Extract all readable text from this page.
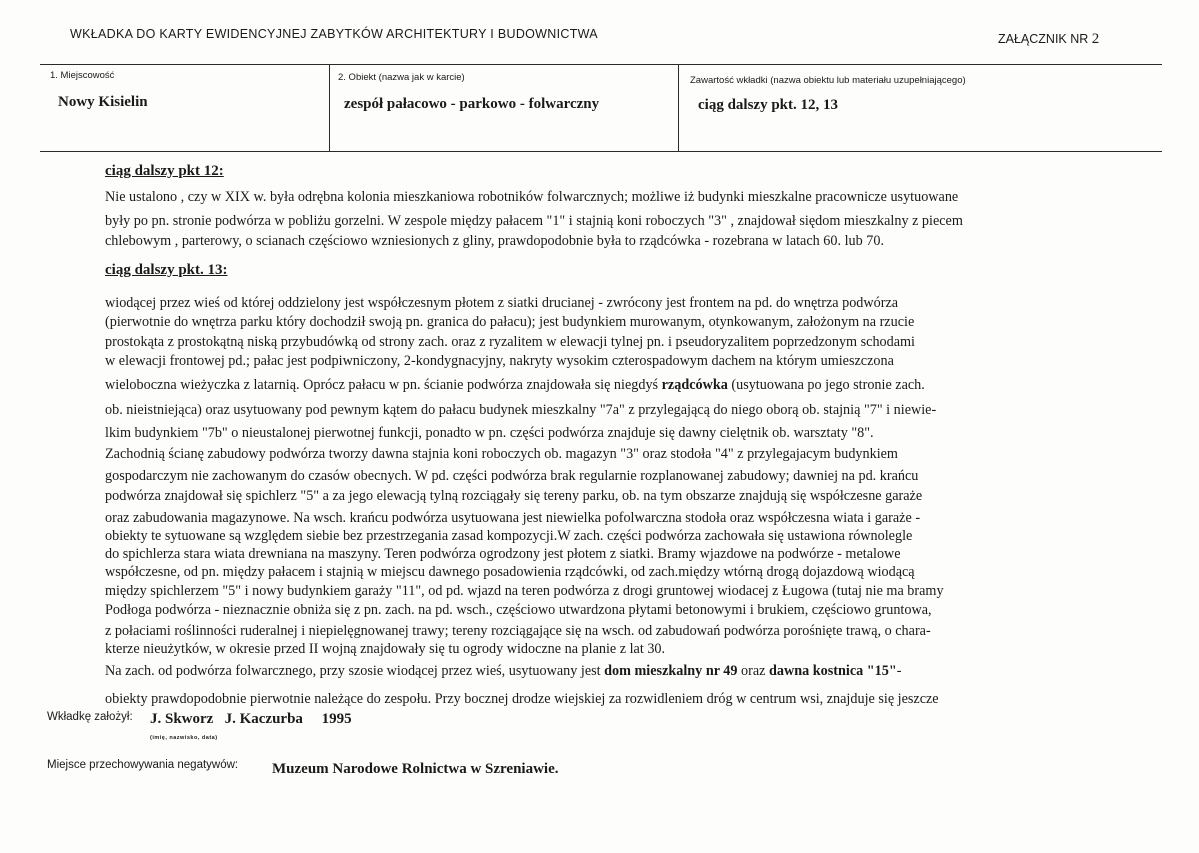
WKŁADKA DO KARTY EWIDENCYJNEJ ZABYTKÓW ARCHITEKTURY I BUDOWNICTWA	ZAŁĄCZNIK NR 2
1. Miejscowość
Nowy Kisielin
2. Obiekt (nazwa jak w karcie)
zespół pałacowo - parkowo - folwarczny
Zawartość wkładki (nazwa obiektu lub materiału uzupełniającego)
ciąg dalszy pkt. 12, 13
ciąg dalszy pkt 12:
Nie ustalono , czy w XIX w. była odrębna kolonia mieszkaniowa robotników folwarcznych; możliwe iż budynki mieszkalne pracownicze usytuowane
były po pn. stronie podwórza w pobliżu gorzelni. W zespole między pałacem "1" i stajnią koni roboczych "3" , znajdował siędom mieszkalny z piecem
chlebowym , parterowy, o scianach częściowo wzniesionych z gliny, prawdopodobnie była to rządcówka - rozebrana w latach 60. lub 70.
ciąg dalszy pkt. 13:
wiodącej przez wieś od której oddzielony jest współczesnym płotem z siatki drucianej - zwrócony jest frontem na pd. do wnętrza podwórza
(pierwotnie do wnętrza parku który dochodził swoją pn. granica do pałacu); jest budynkiem murowanym, otynkowanym, założonym na rzucie
prostokąta z prostokątną niską przybudówką od strony zach. oraz z ryzalitem w elewacji tylnej pn. i pseudoryzalitem poprzedzonym schodami
w elewacji frontowej pd.; pałac jest podpiwniczony, 2-kondygnacyjny, nakryty wysokim czterospadowym dachem na którym umieszczona
wieloboczna wieżyczka z latarnią. Oprócz pałacu w pn. ścianie podwórza znajdowała się niegdyś rządcówka (usytuowana po jego stronie zach.
ob. nieistniejąca) oraz usytuowany pod pewnym kątem do pałacu budynek mieszkalny "7a" z przylegającą do niego oborą ob. stajnią "7" i niewie-
lkim budynkiem "7b" o nieustalonej pierwotnej funkcji, ponadto w pn. części podwórza znajduje się dawny cielętnik ob. warsztaty "8".
Zachodnią ścianę zabudowy podwórza tworzy dawna stajnia koni roboczych ob. magazyn "3" oraz stodoła "4" z przylegajacym budynkiem
gospodarczym nie zachowanym do czasów obecnych. W pd. części podwórza brak regularnie rozplanowanej zabudowy; dawniej na pd. krańcu
podwórza znajdował się spichlerz "5" a za jego elewacją tylną rozciągały się tereny parku, ob. na tym obszarze znajdują się współczesne garaże
oraz zabudowania magazynowe. Na wsch. krańcu podwórza usytuowana jest niewielka pofolwarczna stodoła oraz współczesna wiata i garaże -
obiekty te sytuowane są względem siebie bez przestrzegania zasad kompozycji.W zach. części podwórza zachowała się ustawiona równolegle
do spichlerza stara wiata drewniana na maszyny. Teren podwórza ogrodzony jest płotem z siatki. Bramy wjazdowe na podwórze - metalowe
współczesne, od pn. między pałacem i stajnią w miejscu dawnego posadowienia rządcówki, od zach.między wtórną drogą dojazdową wiodącą
między spichlerzem "5" i nowy budynkiem garaży "11", od pd. wjazd na teren podwórza z drogi gruntowej wiodacej z Ługowa (tutaj nie ma bramy
Podłoga podwórza - nieznacznie obniża się z pn. zach. na pd. wsch., częściowo utwardzona płytami betonowymi i brukiem, częściowo gruntowa,
z połaciami roślinności ruderalnej i niepielęgnowanej trawy; tereny rozciągające się na wsch. od zabudowań podwórza porośnięte trawą, o chara-
kterze nieużytków, w okresie przed II wojną znajdowały się tu ogrody widoczne na planie z lat 30.
Na zach. od podwórza folwarcznego, przy szosie wiodącej przez wieś, usytuowany jest dom mieszkalny nr 49 oraz dawna kostnica "15"-
obiekty prawdopodobnie pierwotnie należące do zespołu. Przy bocznej drodze wiejskiej za rozwidleniem dróg w centrum wsi, znajduje się jeszcze
Wkładkę założył: J. Skworz   J. Kaczurba     1995
(imię, nazwisko, data)
Miejsce przechowywania negatywów: Muzeum Narodowe Rolnictwa w Szreniawie.
